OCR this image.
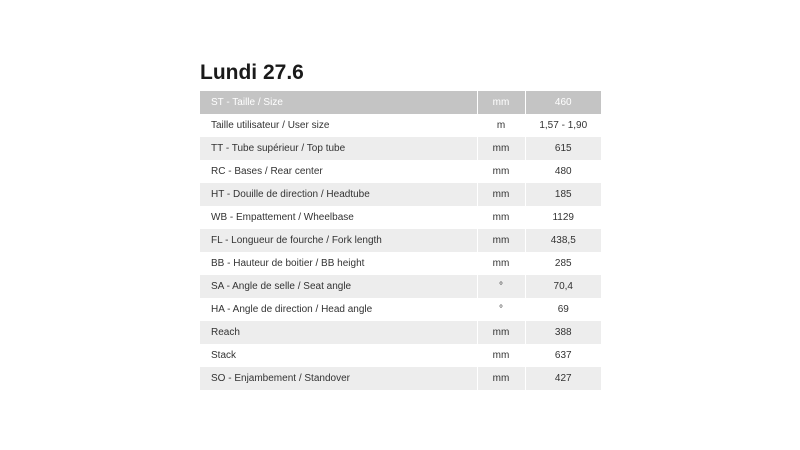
Lundi 27.6
ST - Taille / Size	mm	460
Taille utilisateur / User size	m	1,57 - 1,90
TT - Tube supérieur / Top tube	mm	615
RC - Bases / Rear center	mm	480
HT - Douille de direction / Headtube	mm	185
WB - Empattement / Wheelbase	mm	1129
FL - Longueur de fourche / Fork length	mm	438,5
BB - Hauteur de boitier / BB height	mm	285
SA - Angle de selle / Seat angle	°	70,4
HA - Angle de direction / Head angle	°	69
Reach	mm	388
Stack	mm	637
SO - Enjambement / Standover	mm	427
